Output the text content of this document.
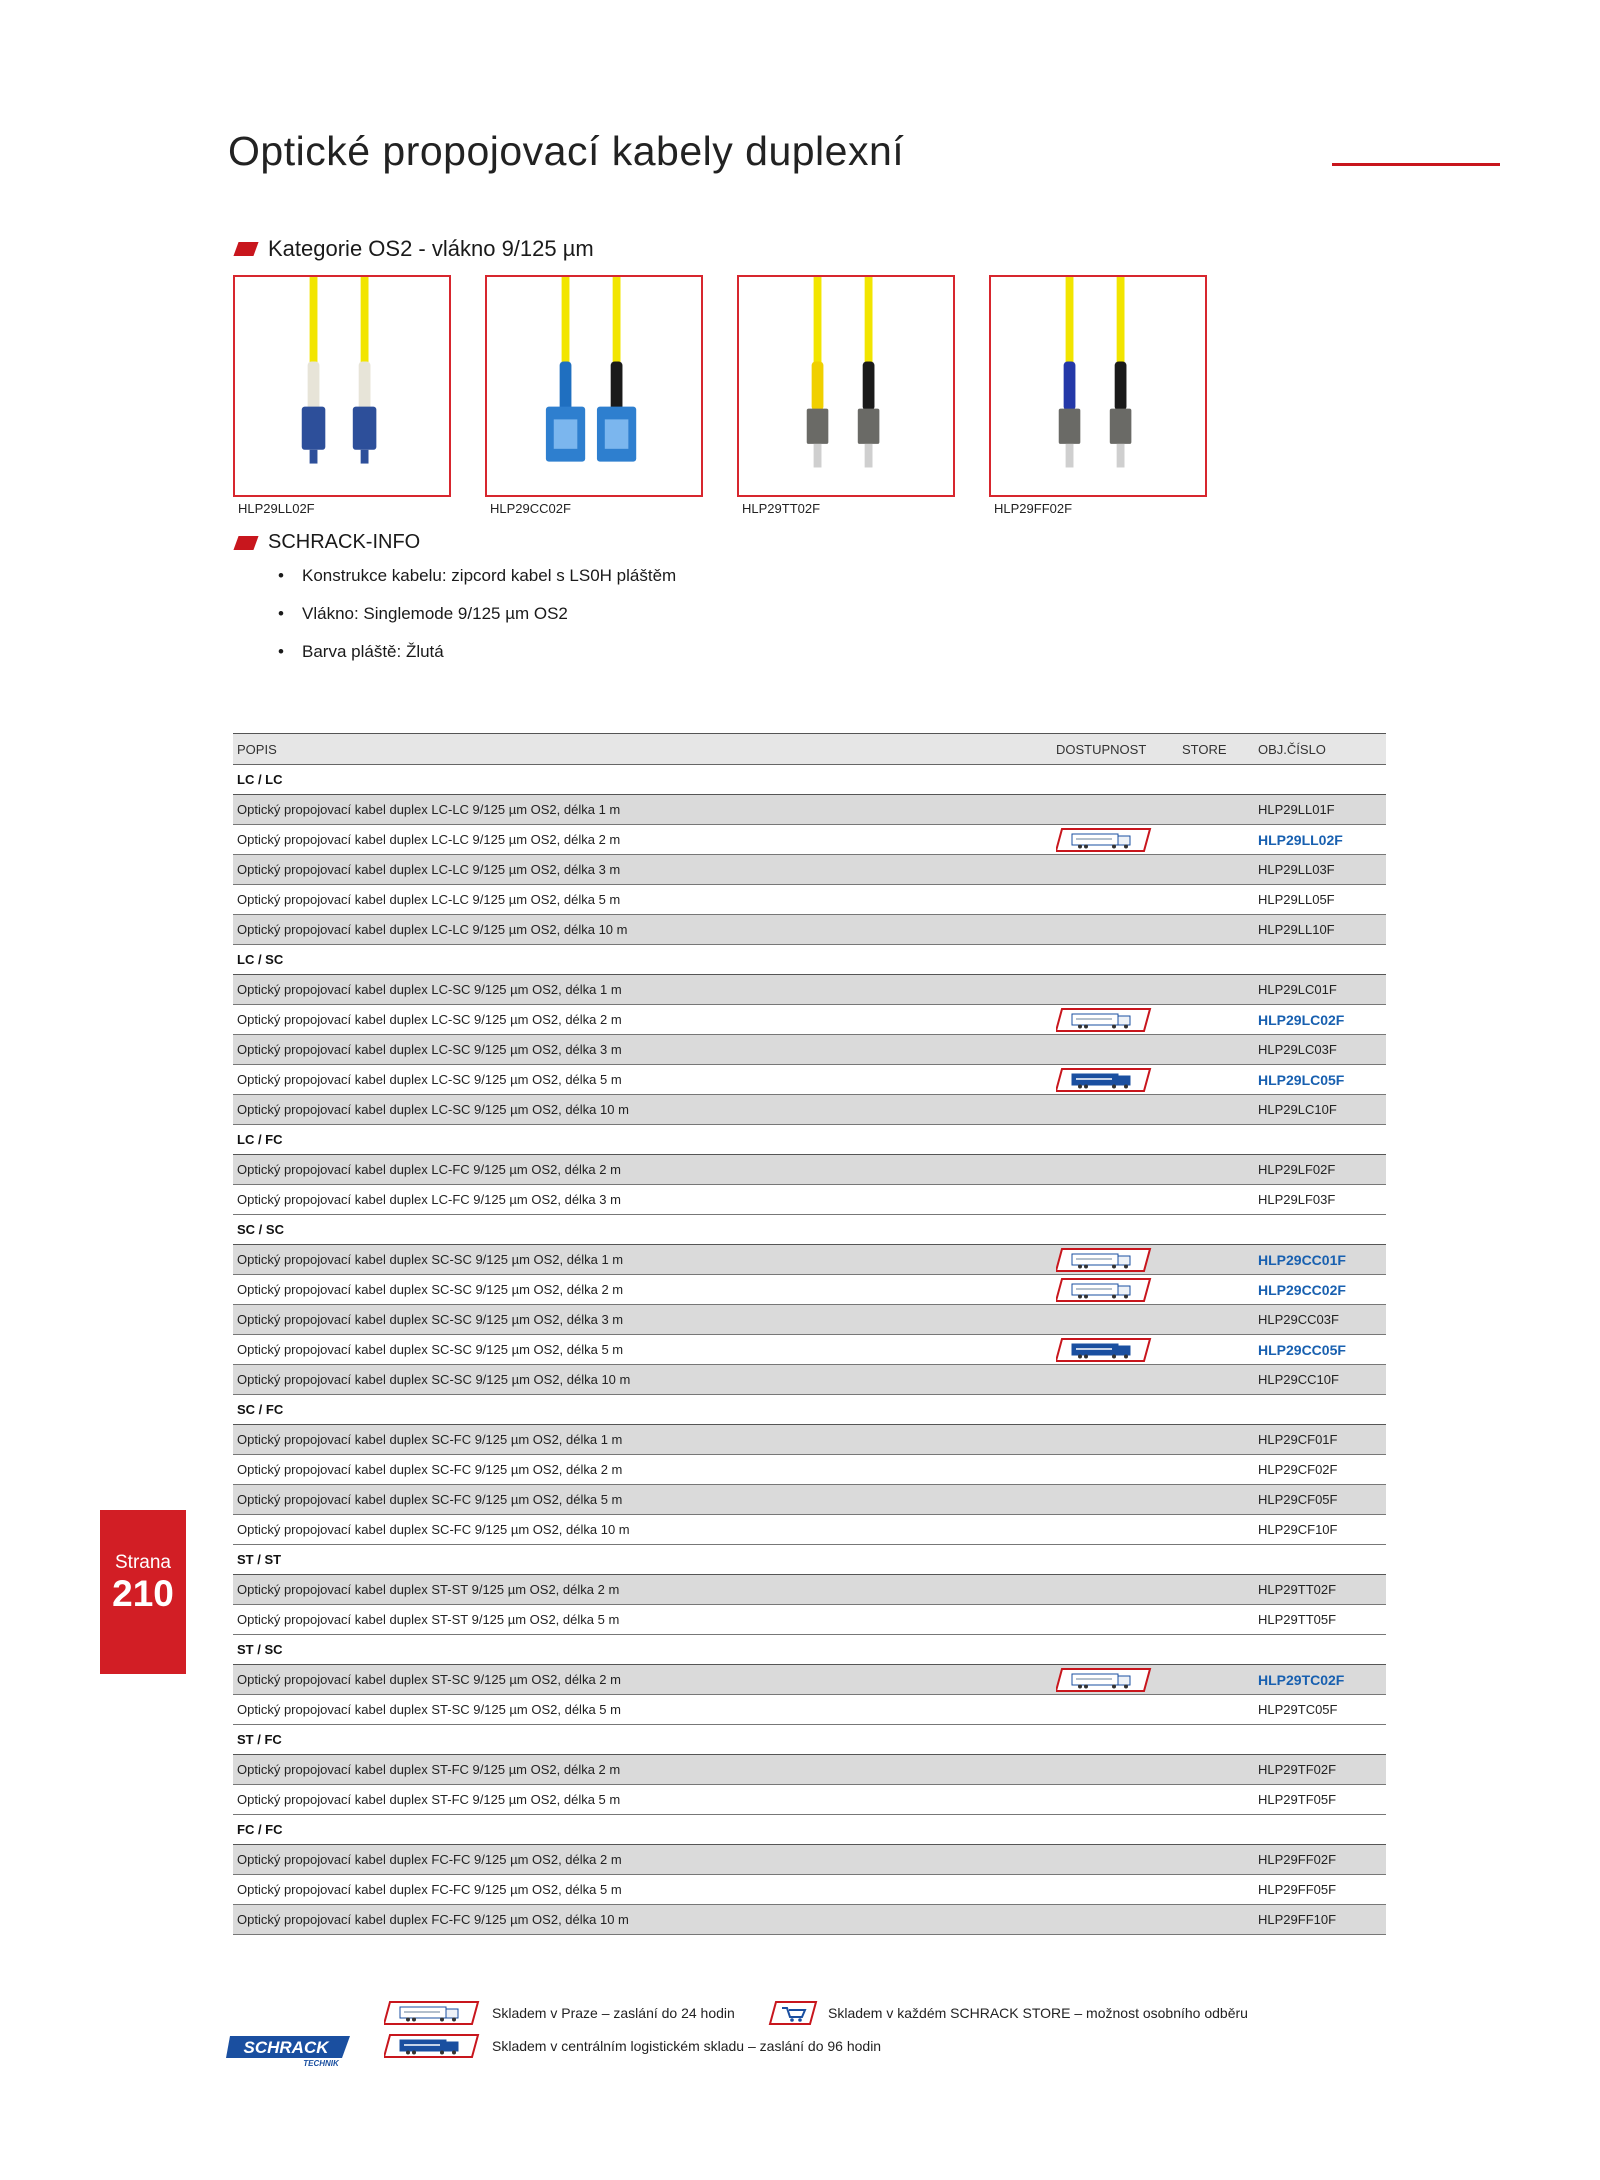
Optické propojovací kabely duplexní
Kategorie OS2 - vlákno 9/125 µm
HLP29LL02F	HLP29CC02F	HLP29TT02F	HLP29FF02F
SCHRACK-INFO
• Konstrukce kabelu: zipcord kabel s LS0H pláštěm
• Vlákno: Singlemode 9/125 µm OS2
• Barva pláště: Žlutá
POPIS	DOSTUPNOST	STORE	OBJ.ČÍSLO
LC / LC			
Optický propojovací kabel duplex LC-LC 9/125 µm OS2, délka 1 m			HLP29LL01F
Optický propojovací kabel duplex LC-LC 9/125 µm OS2, délka 2 m			HLP29LL02F
Optický propojovací kabel duplex LC-LC 9/125 µm OS2, délka 3 m			HLP29LL03F
Optický propojovací kabel duplex LC-LC 9/125 µm OS2, délka 5 m			HLP29LL05F
Optický propojovací kabel duplex LC-LC 9/125 µm OS2, délka 10 m			HLP29LL10F
LC / SC			
Optický propojovací kabel duplex LC-SC 9/125 µm OS2, délka 1 m			HLP29LC01F
Optický propojovací kabel duplex LC-SC 9/125 µm OS2, délka 2 m			HLP29LC02F
Optický propojovací kabel duplex LC-SC 9/125 µm OS2, délka 3 m			HLP29LC03F
Optický propojovací kabel duplex LC-SC 9/125 µm OS2, délka 5 m			HLP29LC05F
Optický propojovací kabel duplex LC-SC 9/125 µm OS2, délka 10 m			HLP29LC10F
LC / FC			
Optický propojovací kabel duplex LC-FC 9/125 µm OS2, délka 2 m			HLP29LF02F
Optický propojovací kabel duplex LC-FC 9/125 µm OS2, délka 3 m			HLP29LF03F
SC / SC			
Optický propojovací kabel duplex SC-SC 9/125 µm OS2, délka 1 m			HLP29CC01F
Optický propojovací kabel duplex SC-SC 9/125 µm OS2, délka 2 m			HLP29CC02F
Optický propojovací kabel duplex SC-SC 9/125 µm OS2, délka 3 m			HLP29CC03F
Optický propojovací kabel duplex SC-SC 9/125 µm OS2, délka 5 m			HLP29CC05F
Optický propojovací kabel duplex SC-SC 9/125 µm OS2, délka 10 m			HLP29CC10F
SC / FC			
Optický propojovací kabel duplex SC-FC 9/125 µm OS2, délka 1 m			HLP29CF01F
Optický propojovací kabel duplex SC-FC 9/125 µm OS2, délka 2 m			HLP29CF02F
Optický propojovací kabel duplex SC-FC 9/125 µm OS2, délka 5 m			HLP29CF05F
Optický propojovací kabel duplex SC-FC 9/125 µm OS2, délka 10 m			HLP29CF10F
ST / ST			
Optický propojovací kabel duplex ST-ST 9/125 µm OS2, délka 2 m			HLP29TT02F
Optický propojovací kabel duplex ST-ST 9/125 µm OS2, délka 5 m			HLP29TT05F
ST / SC			
Optický propojovací kabel duplex ST-SC 9/125 µm OS2, délka 2 m			HLP29TC02F
Optický propojovací kabel duplex ST-SC 9/125 µm OS2, délka 5 m			HLP29TC05F
ST / FC			
Optický propojovací kabel duplex ST-FC 9/125 µm OS2, délka 2 m			HLP29TF02F
Optický propojovací kabel duplex ST-FC 9/125 µm OS2, délka 5 m			HLP29TF05F
FC / FC			
Optický propojovací kabel duplex FC-FC 9/125 µm OS2, délka 2 m			HLP29FF02F
Optický propojovací kabel duplex FC-FC 9/125 µm OS2, délka 5 m			HLP29FF05F
Optický propojovací kabel duplex FC-FC 9/125 µm OS2, délka 10 m			HLP29FF10F
Strana
210
Skladem v Praze – zaslání do 24 hodin	Skladem v každém SCHRACK STORE – možnost osobního odběru
Skladem v centrálním logistickém skladu – zaslání do 96 hodin
SCHRACK
TECHNIK
